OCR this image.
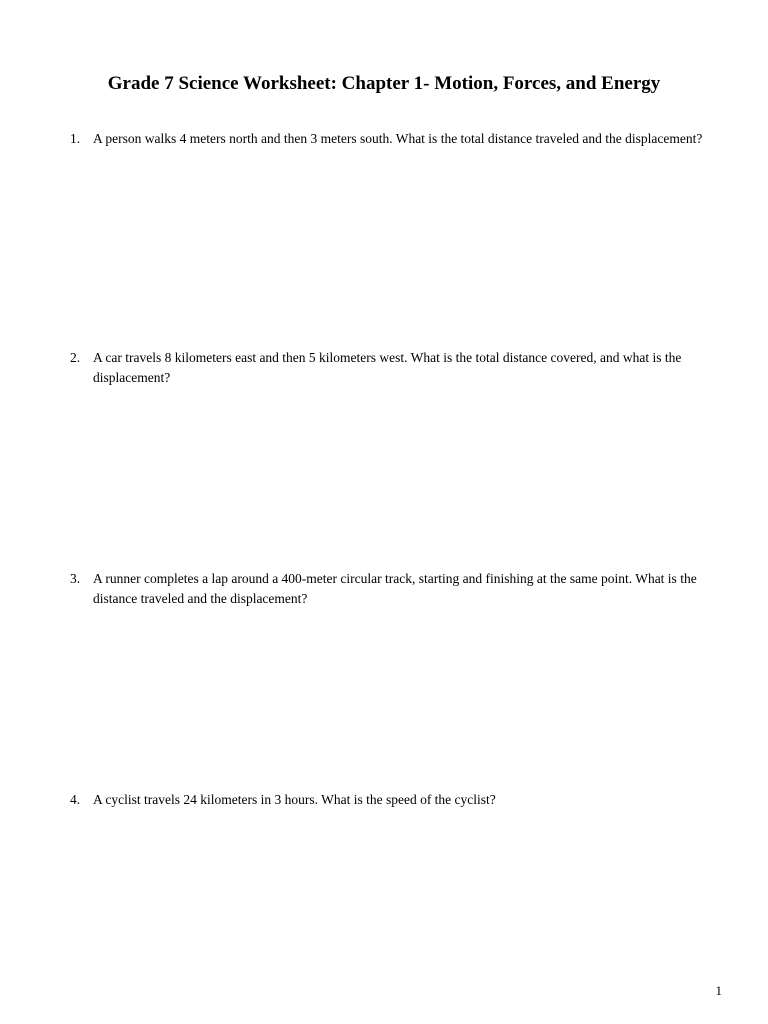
Grade 7 Science Worksheet: Chapter 1- Motion, Forces, and Energy
1. A person walks 4 meters north and then 3 meters south. What is the total distance traveled and the displacement?
2. A car travels 8 kilometers east and then 5 kilometers west. What is the total distance covered, and what is the displacement?
3. A runner completes a lap around a 400-meter circular track, starting and finishing at the same point. What is the distance traveled and the displacement?
4. A cyclist travels 24 kilometers in 3 hours. What is the speed of the cyclist?
1
